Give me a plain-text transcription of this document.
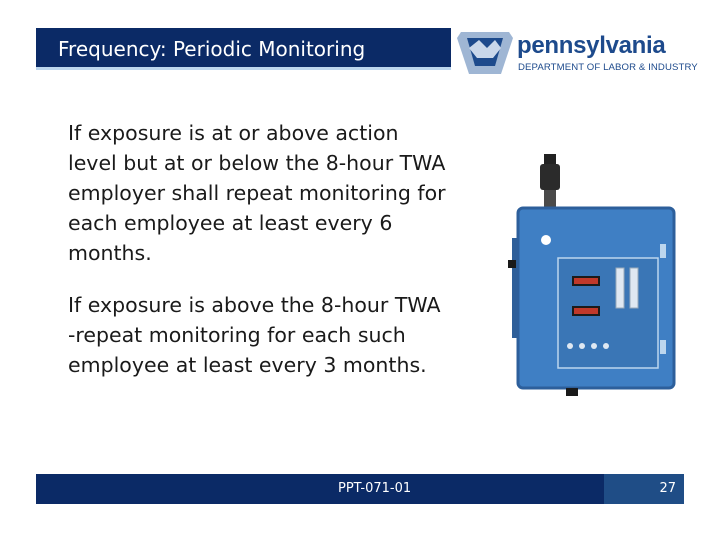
Frequency: Periodic Monitoring	pennsylvania
DEPARTMENT OF LABOR & INDUSTRY
If exposure is at or above action
level but at or below the 8-hour TWA
employer shall repeat monitoring for
each employee at least every 6
months.
If exposure is above the 8-hour TWA
-repeat monitoring for each such
employee at least every 3 months.
PPT-071-01	27
